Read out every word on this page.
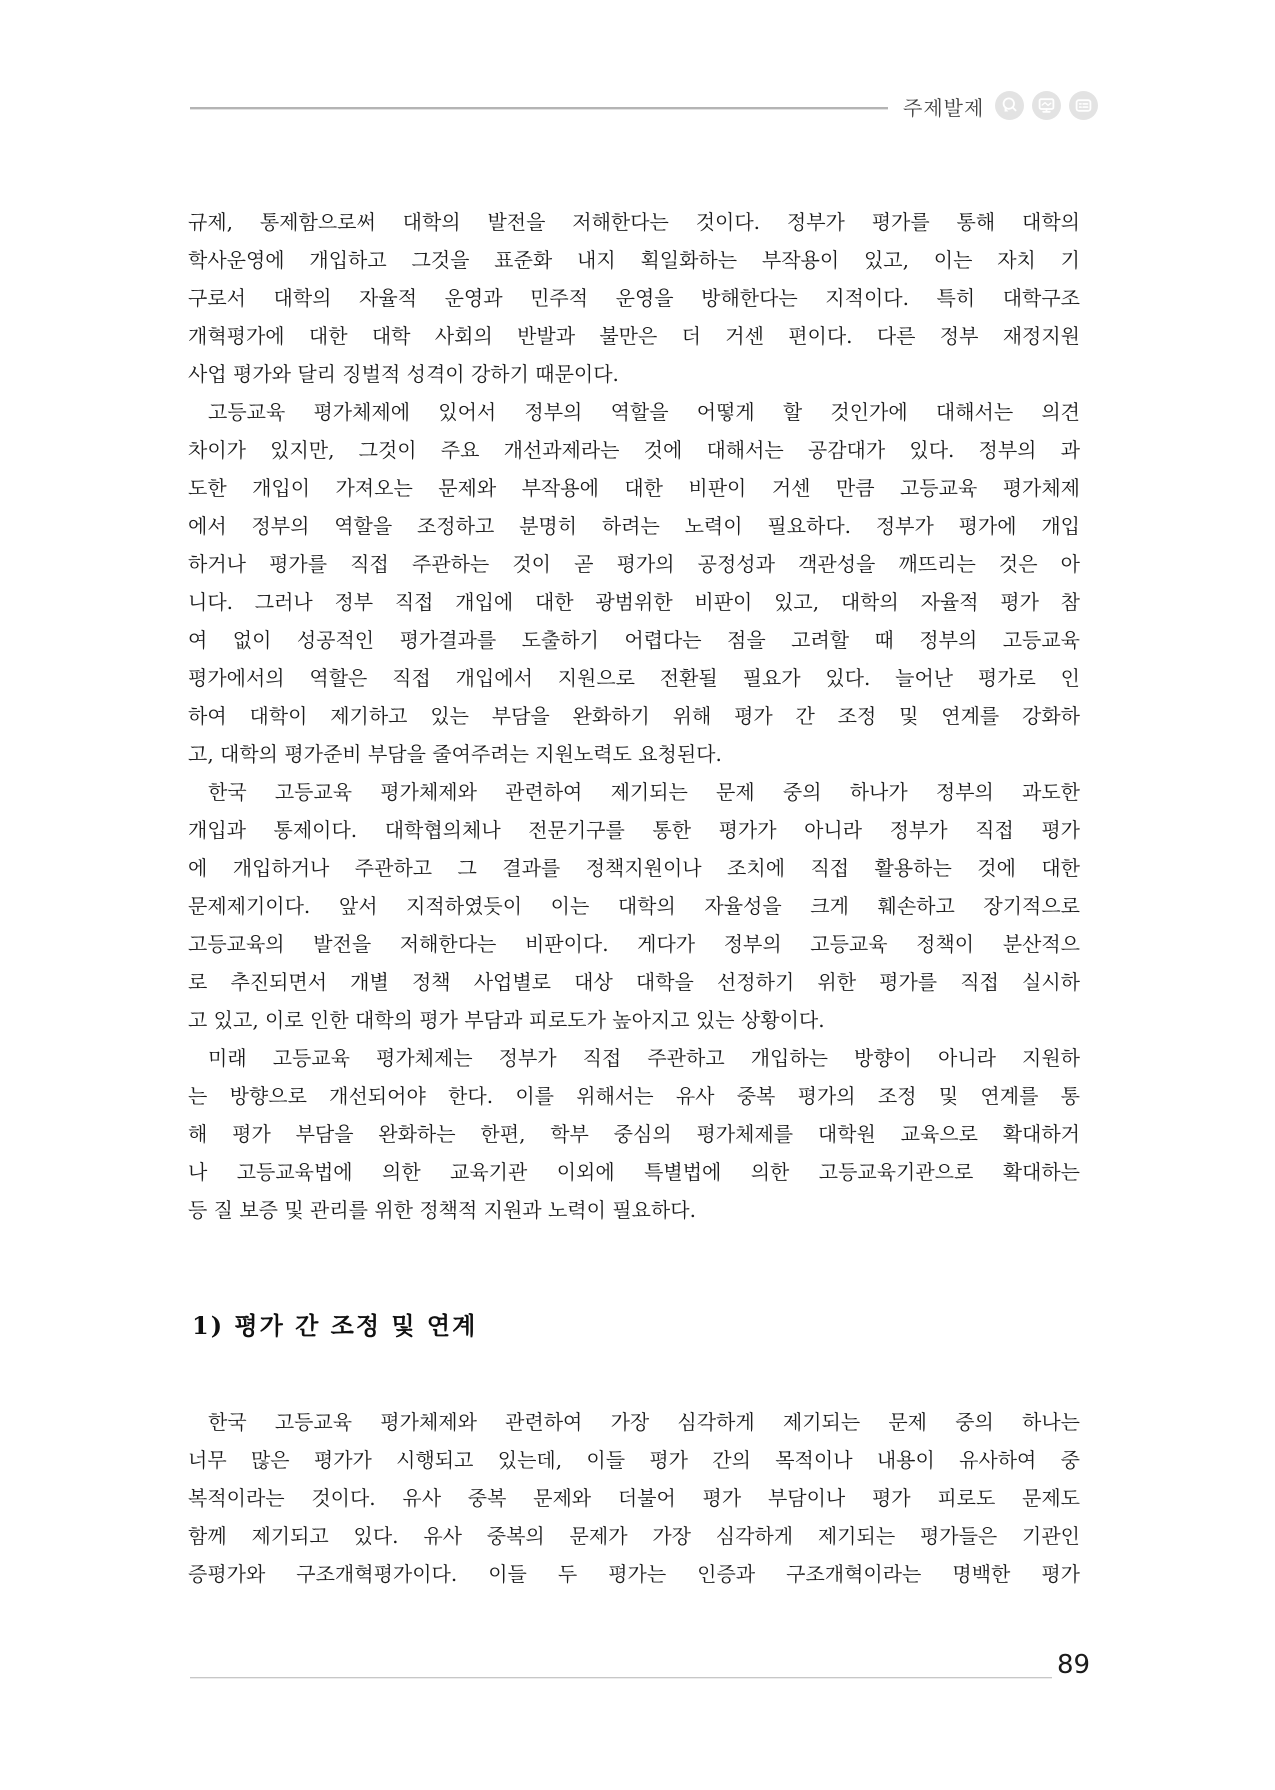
주제발제
규제, 통제함으로써 대학의 발전을 저해한다는 것이다. 정부가 평가를 통해 대학의
학사운영에 개입하고 그것을 표준화 내지 획일화하는 부작용이 있고, 이는 자치 기
구로서 대학의 자율적 운영과 민주적 운영을 방해한다는 지적이다. 특히 대학구조
개혁평가에 대한 대학 사회의 반발과 불만은 더 거센 편이다. 다른 정부 재정지원
사업 평가와 달리 징벌적 성격이 강하기 때문이다.
고등교육 평가체제에 있어서 정부의 역할을 어떻게 할 것인가에 대해서는 의견
차이가 있지만, 그것이 주요 개선과제라는 것에 대해서는 공감대가 있다. 정부의 과
도한 개입이 가져오는 문제와 부작용에 대한 비판이 거센 만큼 고등교육 평가체제
에서 정부의 역할을 조정하고 분명히 하려는 노력이 필요하다. 정부가 평가에 개입
하거나 평가를 직접 주관하는 것이 곧 평가의 공정성과 객관성을 깨뜨리는 것은 아
니다. 그러나 정부 직접 개입에 대한 광범위한 비판이 있고, 대학의 자율적 평가 참
여 없이 성공적인 평가결과를 도출하기 어렵다는 점을 고려할 때 정부의 고등교육
평가에서의 역할은 직접 개입에서 지원으로 전환될 필요가 있다. 늘어난 평가로 인
하여 대학이 제기하고 있는 부담을 완화하기 위해 평가 간 조정 및 연계를 강화하
고, 대학의 평가준비 부담을 줄여주려는 지원노력도 요청된다.
한국 고등교육 평가체제와 관련하여 제기되는 문제 중의 하나가 정부의 과도한
개입과 통제이다. 대학협의체나 전문기구를 통한 평가가 아니라 정부가 직접 평가
에 개입하거나 주관하고 그 결과를 정책지원이나 조치에 직접 활용하는 것에 대한
문제제기이다. 앞서 지적하였듯이 이는 대학의 자율성을 크게 훼손하고 장기적으로
고등교육의 발전을 저해한다는 비판이다. 게다가 정부의 고등교육 정책이 분산적으
로 추진되면서 개별 정책 사업별로 대상 대학을 선정하기 위한 평가를 직접 실시하
고 있고, 이로 인한 대학의 평가 부담과 피로도가 높아지고 있는 상황이다.
미래 고등교육 평가체제는 정부가 직접 주관하고 개입하는 방향이 아니라 지원하
는 방향으로 개선되어야 한다. 이를 위해서는 유사 중복 평가의 조정 및 연계를 통
해 평가 부담을 완화하는 한편, 학부 중심의 평가체제를 대학원 교육으로 확대하거
나 고등교육법에 의한 교육기관 이외에 특별법에 의한 고등교육기관으로 확대하는
등 질 보증 및 관리를 위한 정책적 지원과 노력이 필요하다.
1) 평가 간 조정 및 연계
한국 고등교육 평가체제와 관련하여 가장 심각하게 제기되는 문제 중의 하나는
너무 많은 평가가 시행되고 있는데, 이들 평가 간의 목적이나 내용이 유사하여 중
복적이라는 것이다. 유사 중복 문제와 더불어 평가 부담이나 평가 피로도 문제도
함께 제기되고 있다. 유사 중복의 문제가 가장 심각하게 제기되는 평가들은 기관인
증평가와 구조개혁평가이다. 이들 두 평가는 인증과 구조개혁이라는 명백한 평가
89
